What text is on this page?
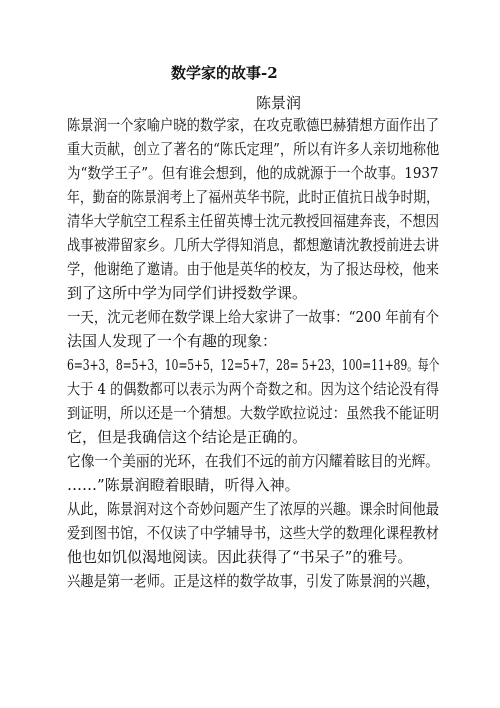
数学家的故事-2
陈景润
陈景润一个家喻户晓的数学家，在攻克歌德巴赫猜想方面作出了
重大贡献，创立了著名的“陈氏定理”，所以有许多人亲切地称他
为“数学王子”。但有谁会想到，他的成就源于一个故事。1937
年，勤奋的陈景润考上了福州英华书院，此时正值抗日战争时期，
清华大学航空工程系主任留英博士沈元教授回福建奔丧，不想因
战事被滞留家乡。几所大学得知消息，都想邀请沈教授前进去讲
学，他谢绝了邀请。由于他是英华的校友，为了报达母校，他来
到了这所中学为同学们讲授数学课。
一天，沈元老师在数学课上给大家讲了一故事：“200 年前有个
法国人发现了一个有趣的现象：
6=3+3，8=5+3，10=5+5，12=5+7，28= 5+23，100=11+89。每个
大于 4 的偶数都可以表示为两个奇数之和。因为这个结论没有得
到证明，所以还是一个猜想。大数学欧拉说过：虽然我不能证明
它，但是我确信这个结论是正确的。
它像一个美丽的光环，在我们不远的前方闪耀着眩目的光辉。
……”陈景润瞪着眼睛，听得入神。
从此，陈景润对这个奇妙问题产生了浓厚的兴趣。课余时间他最
爱到图书馆，不仅读了中学辅导书，这些大学的数理化课程教材
他也如饥似渴地阅读。因此获得了“书呆子”的雅号。
兴趣是第一老师。正是这样的数学故事，引发了陈景润的兴趣，
